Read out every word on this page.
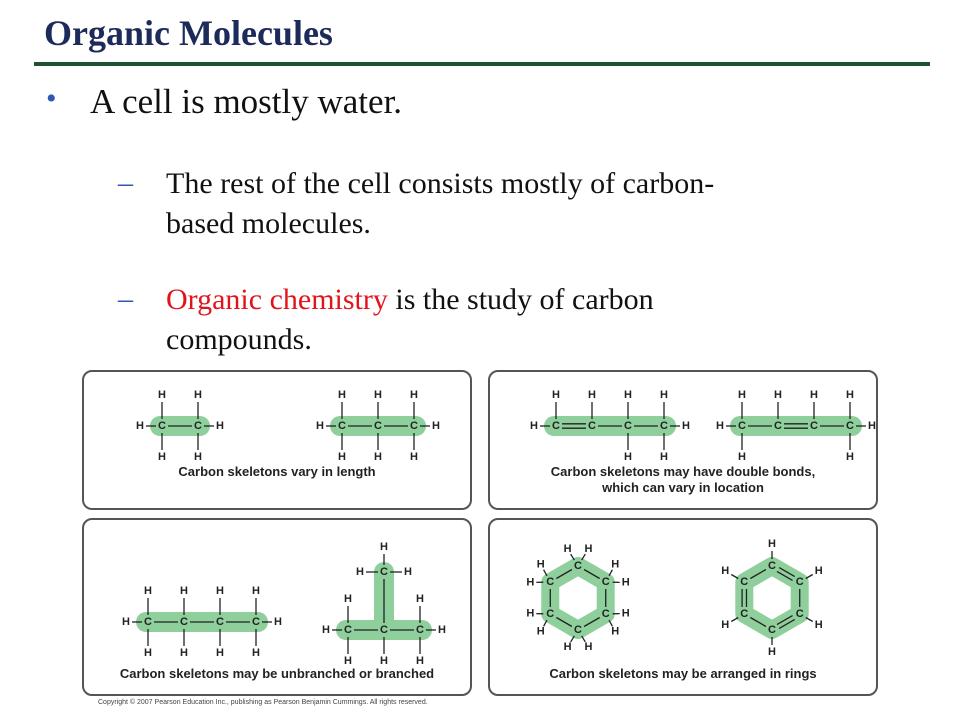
Organic Molecules
• A cell is mostly water.
– The rest of the cell consists mostly of carbon-
based molecules.
– Organic chemistry is the study of carbon
compounds.
H	H
C
H
H
C
H
H
H	H
C
H
H
C
H
H
C
H
H
Carbon skeletons vary in length
H	H
C
H
C
H
C
H
H
C
H
H
H	H
C
H
H
C
H
C
H
C
H
H
Carbon skeletons may have double bonds,
which can vary in location
H	H
C
H
H
C
H
H
C
H
H
C
H
H
H	H
C
H
H
C
H
C
H
H
C
H
H	H
Carbon skeletons may be unbranched or branched
C
H H
C
H
H
C H
H
C
H
H
C
H
H
C
H
H	C
H
C
H
C
H
C
H
C
H
C
H
Carbon skeletons may be arranged in rings
Copyright © 2007 Pearson Education Inc., publishing as Pearson Benjamin Cummings. All rights reserved.
